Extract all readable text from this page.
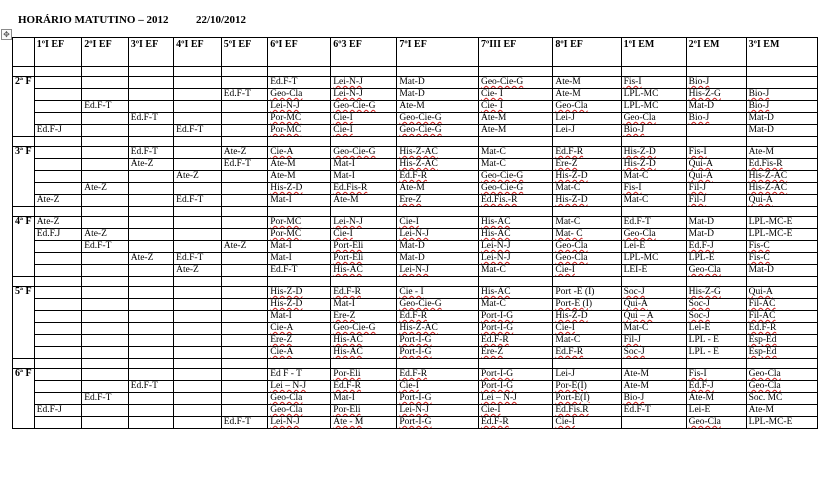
HORÁRIO MATUTINO – 2012          22/10/2012
✥
	1ºI EF	2ºI EF	3ºI EF	4ºI EF	5ºI EF	6ºI EF	6º3 EF	7ºI EF	7ºIII EF	8ºI EF	1ºI EM	2ºI EM	3ºI EM

2ª F						Ed.F-T	Lei-N-J	Mat-D	Geo-Cie-G	Ate-M	Fis-I	Bio-J	
					Ed.F-T	Geo-Cla	Lei-N-J	Mat-D	Cie- I	Ate-M	LPL-MC	His-Z-G	Bio-J
		Ed.F-T				Lei-N-J	Geo-Cie-G	Ate-M	Cie- I	Geo-Cla	LPL-MC	Mat-D	Bio-J
			Ed.F-T			Por-MC	Cie-I	Geo-Cie-G	Ate-M	Lei-J	Geo-Cla	Bio-J	Mat-D
	Ed.F-J			Ed.F-T		Por-MC	Cie-I	Geo-Cie-G	Ate-M	Lei-J	Bio-J		Mat-D

3ª F			Ed.F-T		Ate-Z	Cie-A	Geo-Cie-G	His-Z-AC	Mat-C	Ed.F-R	His-Z-D	Fis-I	Ate-M
			Ate-Z		Ed.F-T	Ate-M	Mat-I	His-Z-AC	Mat-C	Ere-Z	His-Z-D	Qui-A	Ed.Fis-R
				Ate-Z		Ate-M	Mat-I	Ed.F-R	Geo-Cie-G	His-Z-D	Mat-C	Qui-A	His-Z-AC
		Ate-Z				His-Z-D	Ed.Fis-R	Ate-M	Geo-Cie-G	Mat-C	Fis-I	Fil-J	His-Z-AC
	Ate-Z			Ed.F-T		Mat-I	Ate-M	Ere-Z	Ed.Fis.-R	His-Z-D	Mat-C	Fil-J	Qui-A

4ª F	Ate-Z					Por-MC	Lei-N-J	Cie-I	His-AC	Mat-C	Ed.F-T	Mat-D	LPL-MC-E
	Ed.F.J	Ate-Z				Por-MC	Cie-I	Lei-N-J	His-AC	Mat- C	Geo-Cla	Mat-D	LPL-MC-E
		Ed.F-T			Ate-Z	Mat-I	Port-Eli	Mat-D	Lei-N-J	Geo-Cla	Lei-E	Ed.F-J	Fis-C
			Ate-Z	Ed.F-T		Mat-I	Port-Eli	Mat-D	Lei-N-J	Geo-Cla	LPL-MC	LPL-E	Fis-C
				Ate-Z		Ed.F-T	His-AC	Lei-N-J	Mat-C	Cie-I	LEI-E	Geo-Cla	Mat-D

5ª F						His-Z-D	Ed.F-R	Cie - I	His-AC	Port -E (I)	Soc-J	His-Z-G	Qui-A
						His-Z-D	Mat-I	Geo-Cie-G	Mat-C	Port-E (I)	Qui-A	Soc-J	Fil-AC
						Mat-I	Ere-Z	Ed.F-R	Port-I-G	His-Z-D	Qui – A	Soc-J	Fil-AC
						Cie-A	Geo-Cie-G	His-Z-AC	Port-I-G	Cie-I	Mat-C	Lei-E	Ed.F-R
						Ere-Z	His-AC	Port-I-G	Ed.F-R	Mat-C	Fil-J	LPL - E	Esp-Ed
						Cie-A	His-AC	Port-I-G	Ere-Z	Ed.F-R	Soc-J	LPL - E	Esp-Ed

6ª F						Ed F - T	Por-Eli	Ed.F-R	Port-I-G	Lei-J	Ate-M	Fis-I	Geo-Cla
			Ed.F-T			Lei – N-J	Ed.F-R	Cie-I	Port-I-G	Por-E(I)	Ate-M	Ed.F-J	Geo-Cla
		Ed.F-T				Geo-Cla	Mat-I	Port-I-G	Lei – N-J	Port-E(I)	Bio-J	Ate-M	Soc. MC
	Ed.F-J					Geo-Cla	Por-Eli	Lei-N-J	Cie-I	Ed.Fis.R	Ed.F-T	Lei-E	Ate-M
					Ed.F-T	Lei-N-J	Ate - M	Port-I-G	Ed.F-R	Cie-I		Geo-Cla	LPL-MC-E
